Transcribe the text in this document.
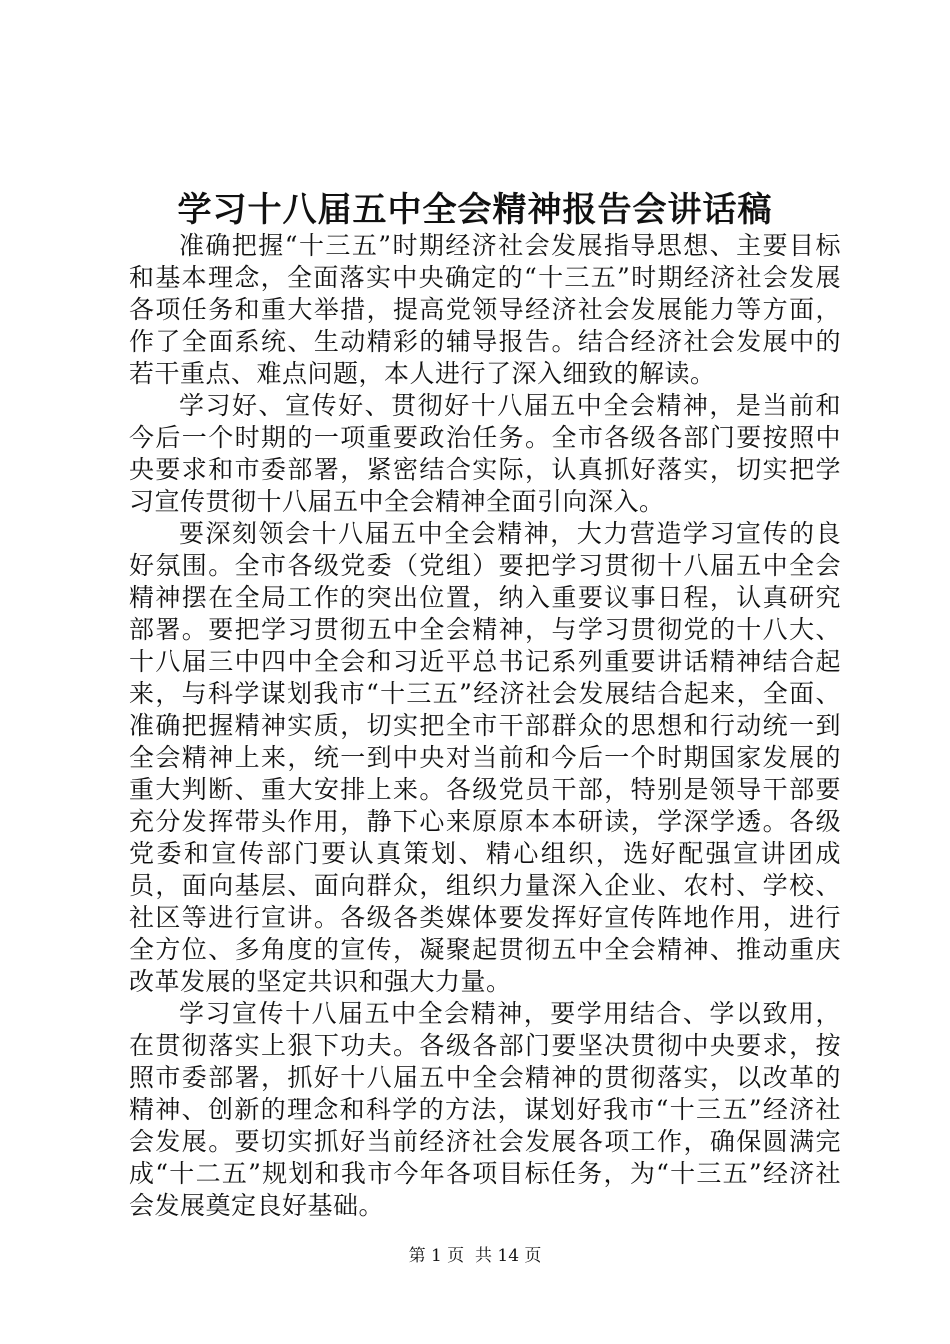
学习十八届五中全会精神报告会讲话稿

准确把握“十三五”时期经济社会发展指导思想、主要目标和基本理念，全面落实中央确定的“十三五”时期经济社会发展各项任务和重大举措，提高党领导经济社会发展能力等方面，作了全面系统、生动精彩的辅导报告。结合经济社会发展中的若干重点、难点问题，本人进行了深入细致的解读。

学习好、宣传好、贯彻好十八届五中全会精神，是当前和今后一个时期的一项重要政治任务。全市各级各部门要按照中央要求和市委部署，紧密结合实际，认真抓好落实，切实把学习宣传贯彻十八届五中全会精神全面引向深入。

要深刻领会十八届五中全会精神，大力营造学习宣传的良好氛围。全市各级党委（党组）要把学习贯彻十八届五中全会精神摆在全局工作的突出位置，纳入重要议事日程，认真研究部署。要把学习贯彻五中全会精神，与学习贯彻党的十八大、十八届三中四中全会和习近平总书记系列重要讲话精神结合起来，与科学谋划我市“十三五”经济社会发展结合起来，全面、准确把握精神实质，切实把全市干部群众的思想和行动统一到全会精神上来，统一到中央对当前和今后一个时期国家发展的重大判断、重大安排上来。各级党员干部，特别是领导干部要充分发挥带头作用，静下心来原原本本研读，学深学透。各级党委和宣传部门要认真策划、精心组织，选好配强宣讲团成员，面向基层、面向群众，组织力量深入企业、农村、学校、社区等进行宣讲。各级各类媒体要发挥好宣传阵地作用，进行全方位、多角度的宣传，凝聚起贯彻五中全会精神、推动重庆改革发展的坚定共识和强大力量。

学习宣传十八届五中全会精神，要学用结合、学以致用，在贯彻落实上狠下功夫。各级各部门要坚决贯彻中央要求，按照市委部署，抓好十八届五中全会精神的贯彻落实，以改革的精神、创新的理念和科学的方法，谋划好我市“十三五”经济社会发展。要切实抓好当前经济社会发展各项工作，确保圆满完成“十二五”规划和我市今年各项目标任务，为“十三五”经济社会发展奠定良好基础。

第 1 页  共 14 页
